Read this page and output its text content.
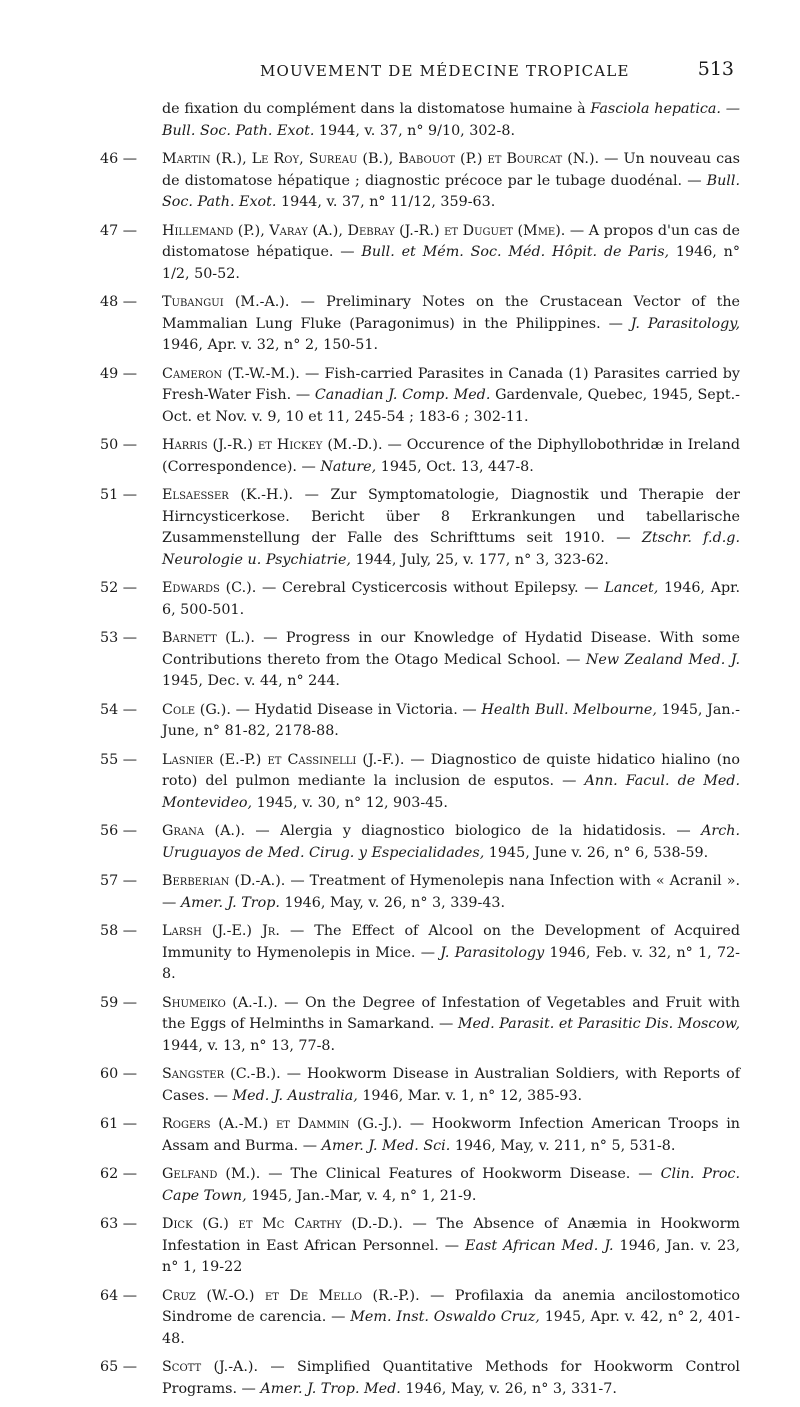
MOUVEMENT DE MÉDECINE TROPICALE	513

de fixation du complément dans la distomatose humaine à Fasciola hepatica. — Bull. Soc. Path. Exot. 1944, v. 37, n° 9/10, 302-8.

46 —	Martin (R.), Le Roy, Sureau (B.), Babouot (P.) et Bourcat (N.). — Un nouveau cas de distomatose hépatique ; diagnostic précoce par le tubage duodénal. — Bull. Soc. Path. Exot. 1944, v. 37, n° 11/12, 359-63.

47 —	Hillemand (P.), Varay (A.), Debray (J.-R.) et Duguet (Mme). — A propos d'un cas de distomatose hépatique. — Bull. et Mém. Soc. Méd. Hôpit. de Paris, 1946, n° 1/2, 50-52.

48 —	Tubangui (M.-A.). — Preliminary Notes on the Crustacean Vector of the Mammalian Lung Fluke (Paragonimus) in the Philippines. — J. Parasitology, 1946, Apr. v. 32, n° 2, 150-51.

49 —	Cameron (T.-W.-M.). — Fish-carried Parasites in Canada (1) Parasites carried by Fresh-Water Fish. — Canadian J. Comp. Med. Gardenvale, Quebec, 1945, Sept.-Oct. et Nov. v. 9, 10 et 11, 245-54 ; 183-6 ; 302-11.

50 —	Harris (J.-R.) et Hickey (M.-D.). — Occurence of the Diphyllobothridæ in Ireland (Correspondence). — Nature, 1945, Oct. 13, 447-8.

51 —	Elsaesser (K.-H.). — Zur Symptomatologie, Diagnostik und Therapie der Hirncysticerkose. Bericht über 8 Erkrankungen und tabellarische Zusammenstellung der Falle des Schrifttums seit 1910. — Ztschr. f.d.g. Neurologie u. Psychiatrie, 1944, July, 25, v. 177, n° 3, 323-62.

52 —	Edwards (C.). — Cerebral Cysticercosis without Epilepsy. — Lancet, 1946, Apr. 6, 500-501.

53 —	Barnett (L.). — Progress in our Knowledge of Hydatid Disease. With some Contributions thereto from the Otago Medical School. — New Zealand Med. J. 1945, Dec. v. 44, n° 244.

54 —	Cole (G.). — Hydatid Disease in Victoria. — Health Bull. Melbourne, 1945, Jan.-June, n° 81-82, 2178-88.

55 —	Lasnier (E.-P.) et Cassinelli (J.-F.). — Diagnostico de quiste hidatico hialino (no roto) del pulmon mediante la inclusion de esputos. — Ann. Facul. de Med. Montevideo, 1945, v. 30, n° 12, 903-45.

56 —	Grana (A.). — Alergia y diagnostico biologico de la hidatidosis. — Arch. Uruguayos de Med. Cirug. y Especialidades, 1945, June v. 26, n° 6, 538-59.

57 —	Berberian (D.-A.). — Treatment of Hymenolepis nana Infection with « Acranil ». — Amer. J. Trop. 1946, May, v. 26, n° 3, 339-43.

58 —	Larsh (J.-E.) Jr. — The Effect of Alcool on the Development of Acquired Immunity to Hymenolepis in Mice. — J. Parasitology 1946, Feb. v. 32, n° 1, 72-8.

59 —	Shumeiko (A.-I.). — On the Degree of Infestation of Vegetables and Fruit with the Eggs of Helminths in Samarkand. — Med. Parasit. et Parasitic Dis. Moscow, 1944, v. 13, n° 13, 77-8.

60 —	Sangster (C.-B.). — Hookworm Disease in Australian Soldiers, with Reports of Cases. — Med. J. Australia, 1946, Mar. v. 1, n° 12, 385-93.

61 —	Rogers (A.-M.) et Dammin (G.-J.). — Hookworm Infection American Troops in Assam and Burma. — Amer. J. Med. Sci. 1946, May, v. 211, n° 5, 531-8.

62 —	Gelfand (M.). — The Clinical Features of Hookworm Disease. — Clin. Proc. Cape Town, 1945, Jan.-Mar, v. 4, n° 1, 21-9.

63 —	Dick (G.) et Mc Carthy (D.-D.). — The Absence of Anæmia in Hookworm Infestation in East African Personnel. — East African Med. J. 1946, Jan. v. 23, n° 1, 19-22

64 —	Cruz (W.-O.) et De Mello (R.-P.). — Profilaxia da anemia ancilostomotico Sindrome de carencia. — Mem. Inst. Oswaldo Cruz, 1945, Apr. v. 42, n° 2, 401-48.

65 —	Scott (J.-A.). — Simplified Quantitative Methods for Hookworm Control Programs. — Amer. J. Trop. Med. 1946, May, v. 26, n° 3, 331-7.
